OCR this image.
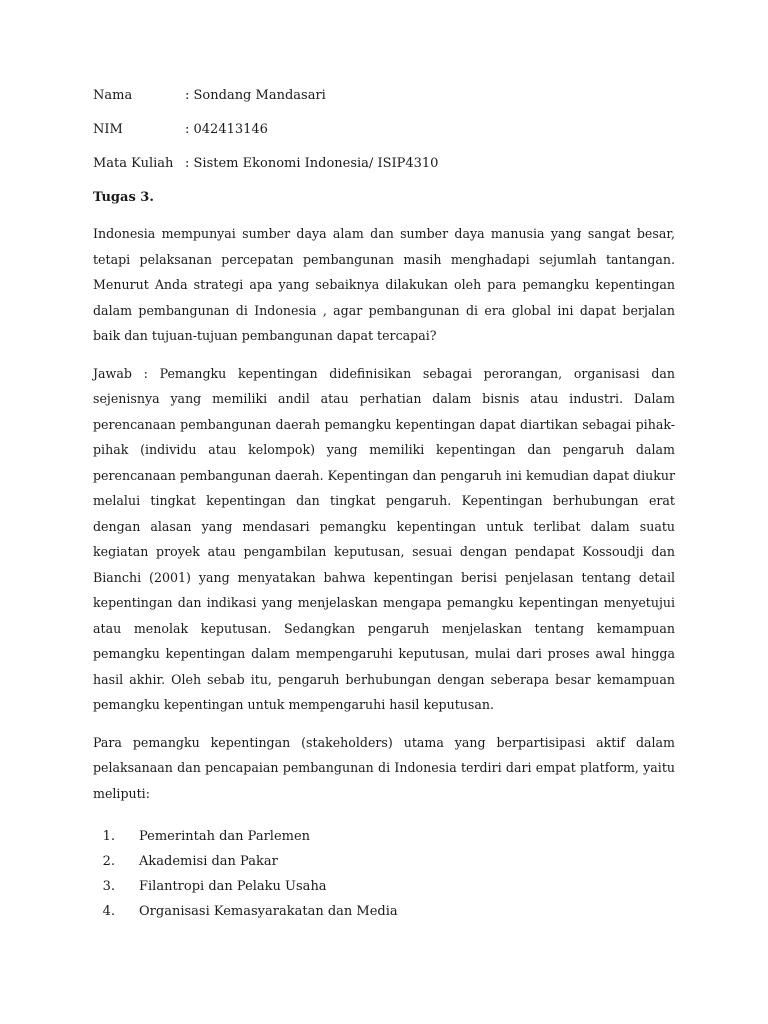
Nama	: Sondang Mandasari
NIM	: 042413146
Mata Kuliah : Sistem Ekonomi Indonesia/ ISIP4310
Tugas 3.

Indonesia mempunyai sumber daya alam dan sumber daya manusia yang sangat besar, tetapi pelaksanan percepatan pembangunan masih menghadapi sejumlah tantangan. Menurut Anda strategi apa yang sebaiknya dilakukan oleh para pemangku kepentingan dalam pembangunan di Indonesia , agar pembangunan di era global ini dapat berjalan baik dan tujuan-tujuan pembangunan dapat tercapai?

Jawab : Pemangku kepentingan didefinisikan sebagai perorangan, organisasi dan sejenisnya yang memiliki andil atau perhatian dalam bisnis atau industri. Dalam perencanaan pembangunan daerah pemangku kepentingan dapat diartikan sebagai pihak-pihak (individu atau kelompok) yang memiliki kepentingan dan pengaruh dalam perencanaan pembangunan daerah. Kepentingan dan pengaruh ini kemudian dapat diukur melalui tingkat kepentingan dan tingkat pengaruh. Kepentingan berhubungan erat dengan alasan yang mendasari pemangku kepentingan untuk terlibat dalam suatu kegiatan proyek atau pengambilan keputusan, sesuai dengan pendapat Kossoudji dan Bianchi (2001) yang menyatakan bahwa kepentingan berisi penjelasan tentang detail kepentingan dan indikasi yang menjelaskan mengapa pemangku kepentingan menyetujui atau menolak keputusan. Sedangkan pengaruh menjelaskan tentang kemampuan pemangku kepentingan dalam mempengaruhi keputusan, mulai dari proses awal hingga hasil akhir. Oleh sebab itu, pengaruh berhubungan dengan seberapa besar kemampuan pemangku kepentingan untuk mempengaruhi hasil keputusan.

Para pemangku kepentingan (stakeholders) utama yang berpartisipasi aktif dalam pelaksanaan dan pencapaian pembangunan di Indonesia terdiri dari empat platform, yaitu meliputi:

1. Pemerintah dan Parlemen
2. Akademisi dan Pakar
3. Filantropi dan Pelaku Usaha
4. Organisasi Kemasyarakatan dan Media
